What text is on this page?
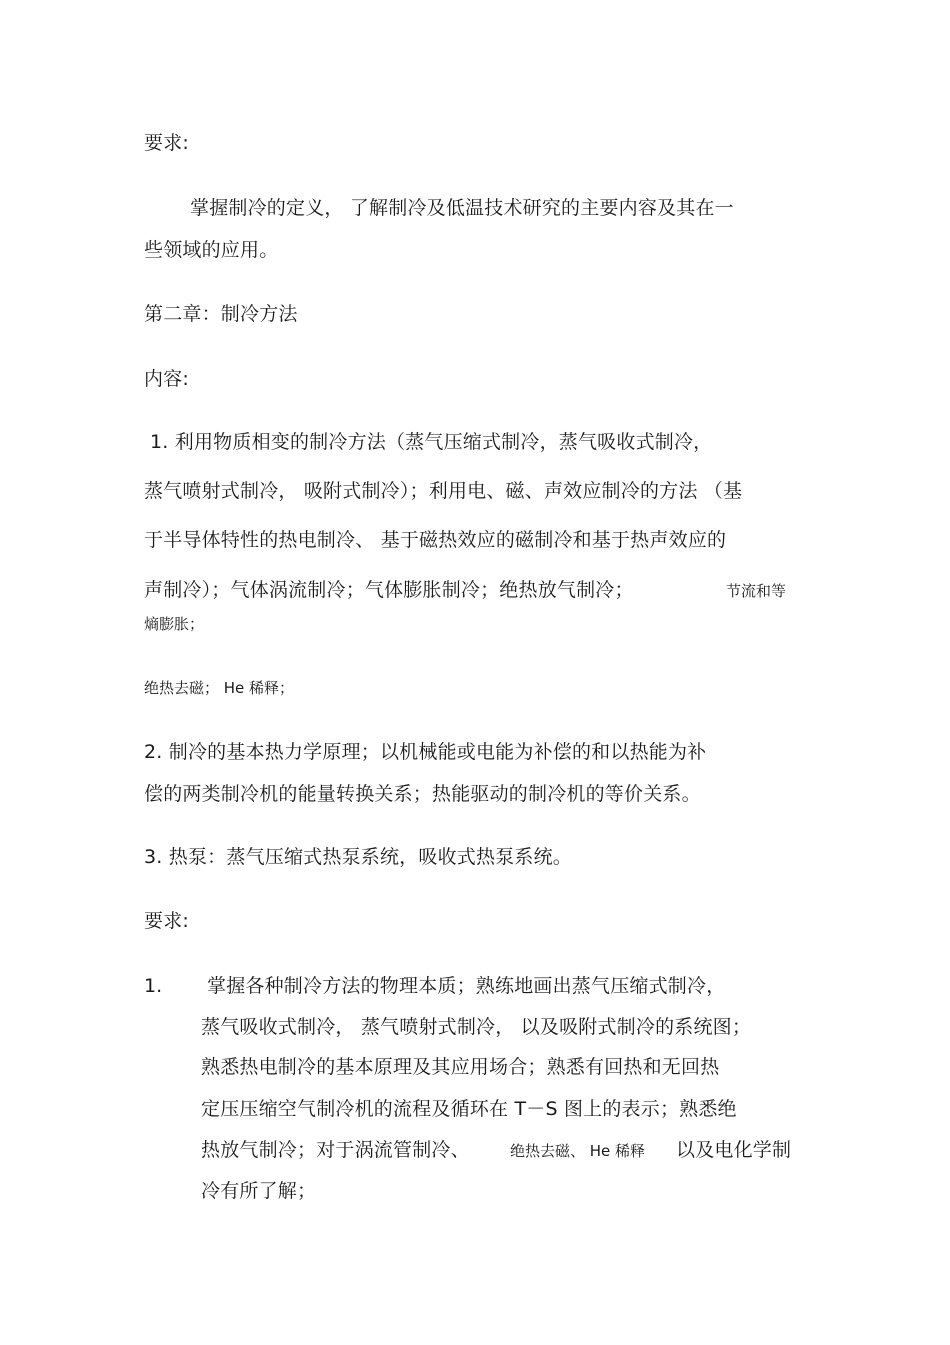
要求:
掌握制冷的定义， 了解制冷及低温技术研究的主要内容及其在一
些领域的应用。
第二章：制冷方法
内容:
1. 利用物质相变的制冷方法（蒸气压缩式制冷，蒸气吸收式制冷，
蒸气喷射式制冷， 吸附式制冷）；利用电、磁、声效应制冷的方法 （基
于半导体特性的热电制冷、 基于磁热效应的磁制冷和基于热声效应的
声制冷）；气体涡流制冷；气体膨胀制冷；绝热放气制冷；	节流和等
熵膨胀；
绝热去磁； He 稀释；
2. 制冷的基本热力学原理；以机械能或电能为补偿的和以热能为补
偿的两类制冷机的能量转换关系；热能驱动的制冷机的等价关系。
3. 热泵：蒸气压缩式热泵系统，吸收式热泵系统。
要求:
1. 掌握各种制冷方法的物理本质；熟练地画出蒸气压缩式制冷，
蒸气吸收式制冷， 蒸气喷射式制冷， 以及吸附式制冷的系统图；
熟悉热电制冷的基本原理及其应用场合；熟悉有回热和无回热
定压压缩空气制冷机的流程及循环在 T－S 图上的表示；熟悉绝
热放气制冷；对于涡流管制冷、	绝热去磁、 He 稀释 以及电化学制
冷有所了解；
